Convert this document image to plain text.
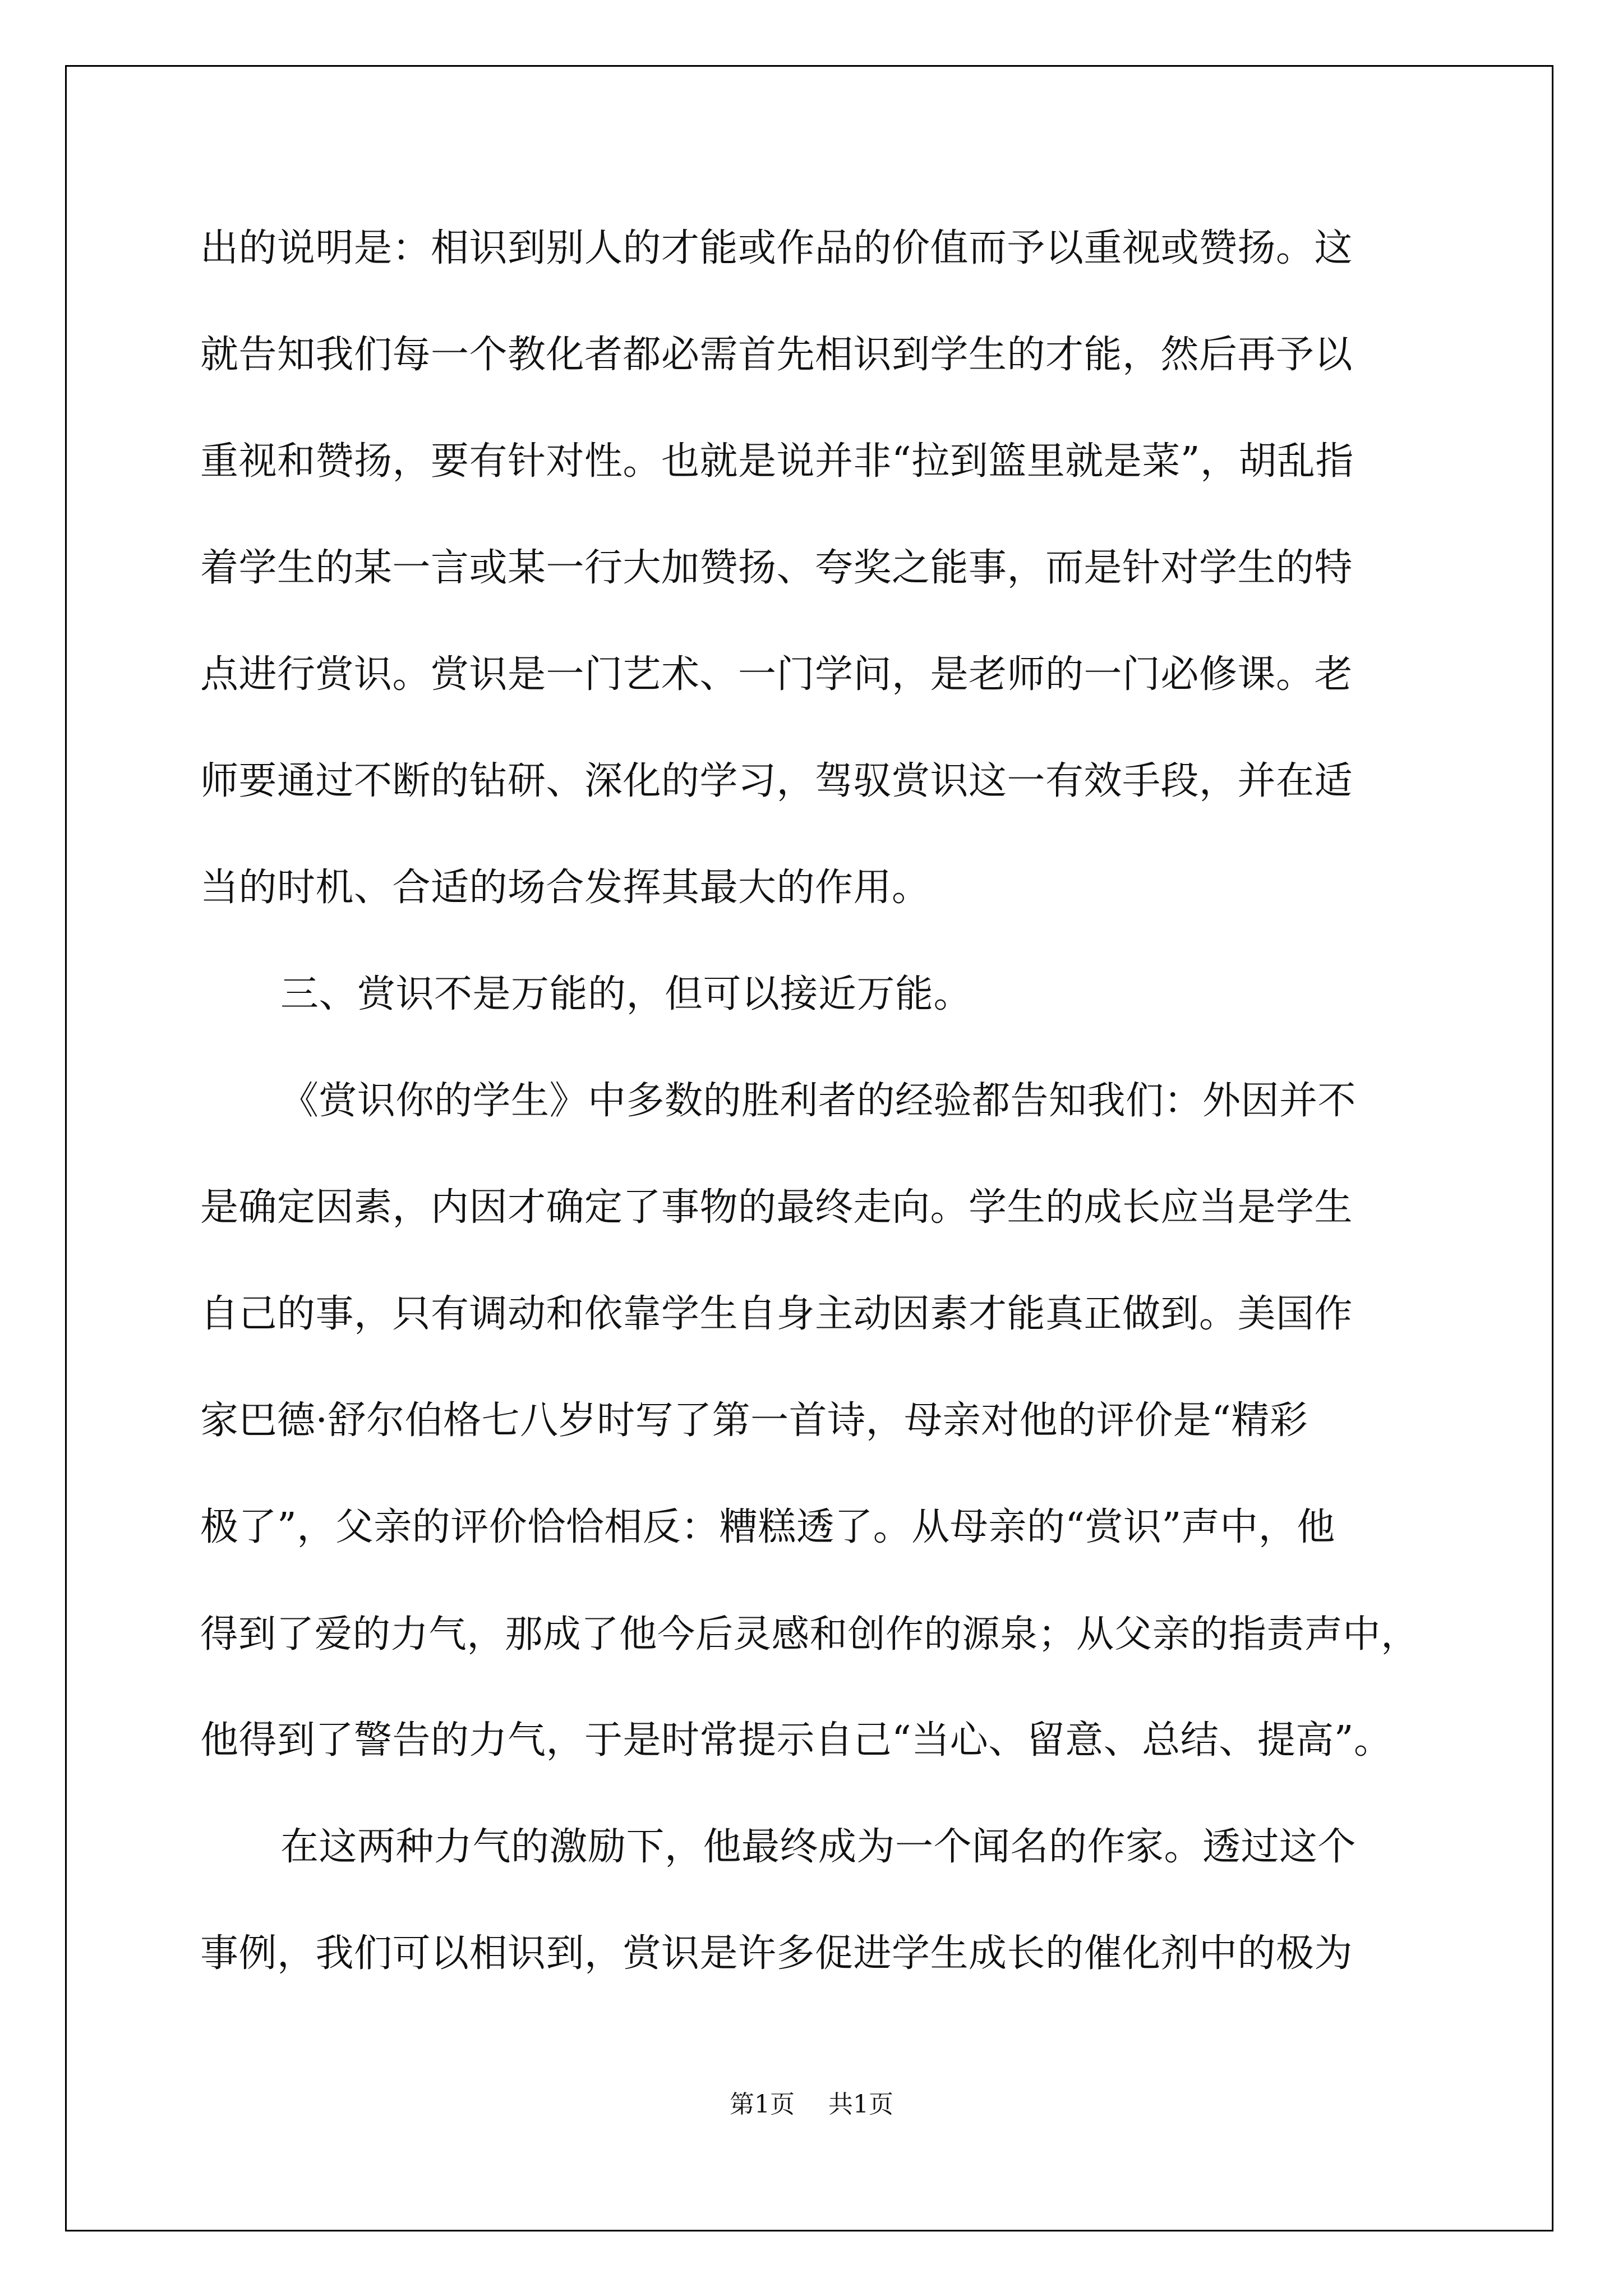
出的说明是：相识到别人的才能或作品的价值而予以重视或赞扬。这
就告知我们每一个教化者都必需首先相识到学生的才能，然后再予以
重视和赞扬，要有针对性。也就是说并非“拉到篮里就是菜”，胡乱指
着学生的某一言或某一行大加赞扬、夸奖之能事，而是针对学生的特
点进行赏识。赏识是一门艺术、一门学问，是老师的一门必修课。老
师要通过不断的钻研、深化的学习，驾驭赏识这一有效手段，并在适
当的时机、合适的场合发挥其最大的作用。
三、赏识不是万能的，但可以接近万能。
《赏识你的学生》中多数的胜利者的经验都告知我们：外因并不
是确定因素，内因才确定了事物的最终走向。学生的成长应当是学生
自己的事，只有调动和依靠学生自身主动因素才能真正做到。美国作
家巴德·舒尔伯格七八岁时写了第一首诗，母亲对他的评价是“精彩
极了”，父亲的评价恰恰相反：糟糕透了。从母亲的“赏识”声中，他
得到了爱的力气，那成了他今后灵感和创作的源泉；从父亲的指责声中，
他得到了警告的力气，于是时常提示自己“当心、留意、总结、提高”。
在这两种力气的激励下，他最终成为一个闻名的作家。透过这个
事例，我们可以相识到，赏识是许多促进学生成长的催化剂中的极为
第1页 共1页
